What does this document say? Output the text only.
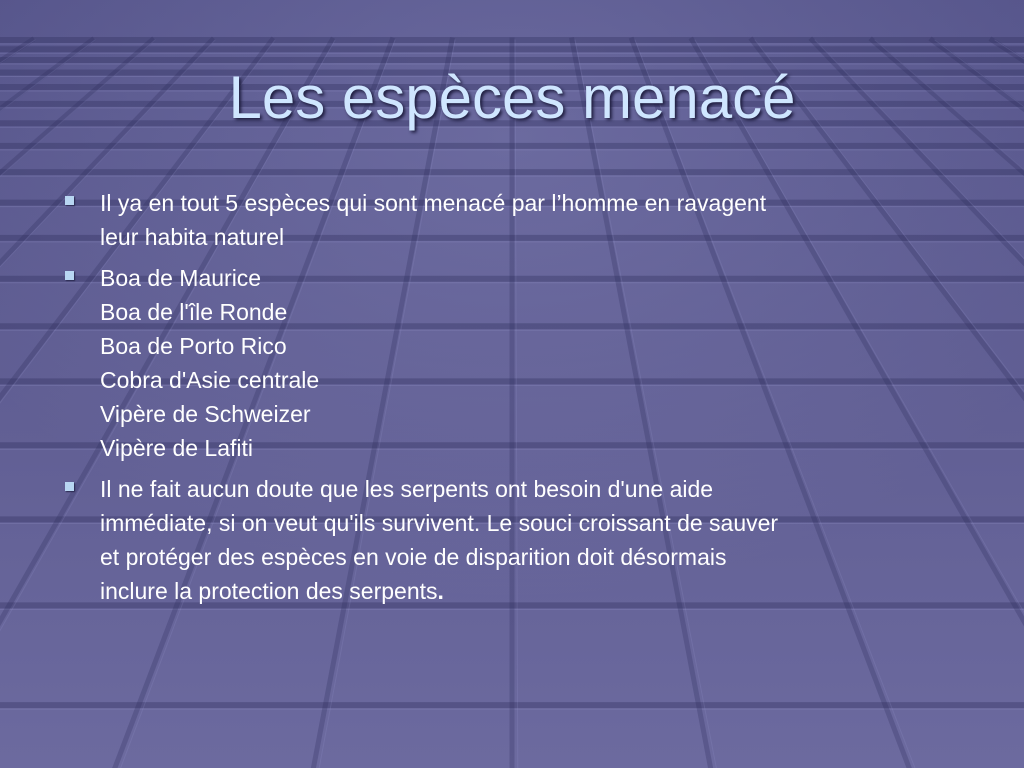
Les espèces menacé
Il ya en tout 5 espèces qui sont menacé par l’homme en ravagent
leur habita naturel
Boa de Maurice
Boa de l'île Ronde
Boa de Porto Rico
Cobra d'Asie centrale
Vipère de Schweizer
Vipère de Lafiti
Il ne fait aucun doute que les serpents ont besoin d'une aide
immédiate, si on veut qu'ils survivent. Le souci croissant de sauver
et protéger des espèces en voie de disparition doit désormais
inclure la protection des serpents.
